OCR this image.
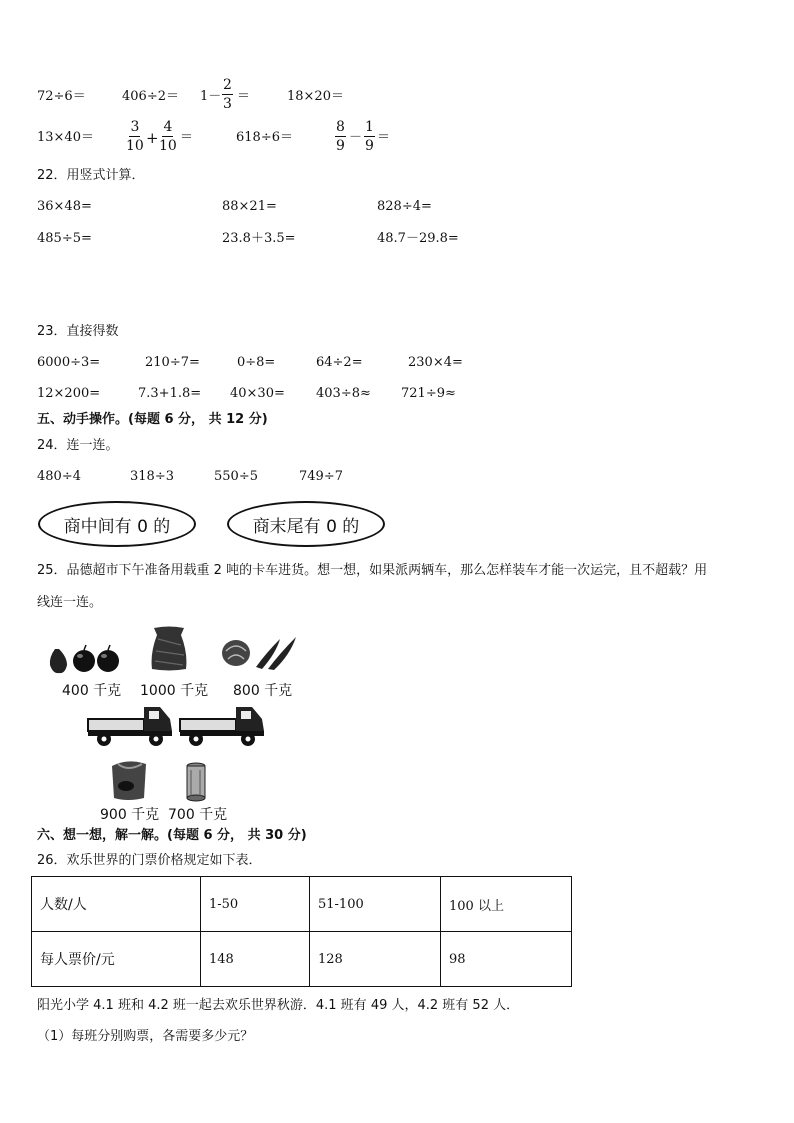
72÷6＝	$406\div 2= 1- \frac{2}{3}$ ＝	18×20＝
$13\times 40= \frac{3}{10} + \frac{4}{10}$ ＝	618÷6＝	$\frac{8}{9} - \frac{1}{9}$ ＝
22．用竖式计算．
36×48=	88×21=	828÷4=
485÷5=	23.8＋3.5=	48.7－29.8=
23．直接得数
6000÷3=	210÷7=	0÷8=	64÷2=	230×4=
12×200=	7.3+1.8= 40×30= 403÷8≈ 721÷9≈
五、动手操作。(每题 6 分， 共 12 分)
24．连一连。
480÷4	318÷3	550÷5	749÷7
商中间有 0 的	商末尾有 0 的
25．品德超市下午准备用载重 2 吨的卡车进货。想一想，如果派两辆车，那么怎样装车才能一次运完，且不超载？用
线连一连。
400 千克 1000 千克 800 千克
900 千克 700 千克
六、想一想，解一解。(每题 6 分， 共 30 分)
26．欢乐世界的门票价格规定如下表．
人数/人	1-50	51-100	100 以上
每人票价/元	148	128	98
阳光小学 4.1 班和 4.2 班一起去欢乐世界秋游．4.1 班有 49 人，4.2 班有 52 人．
（1）每班分别购票，各需要多少元？
